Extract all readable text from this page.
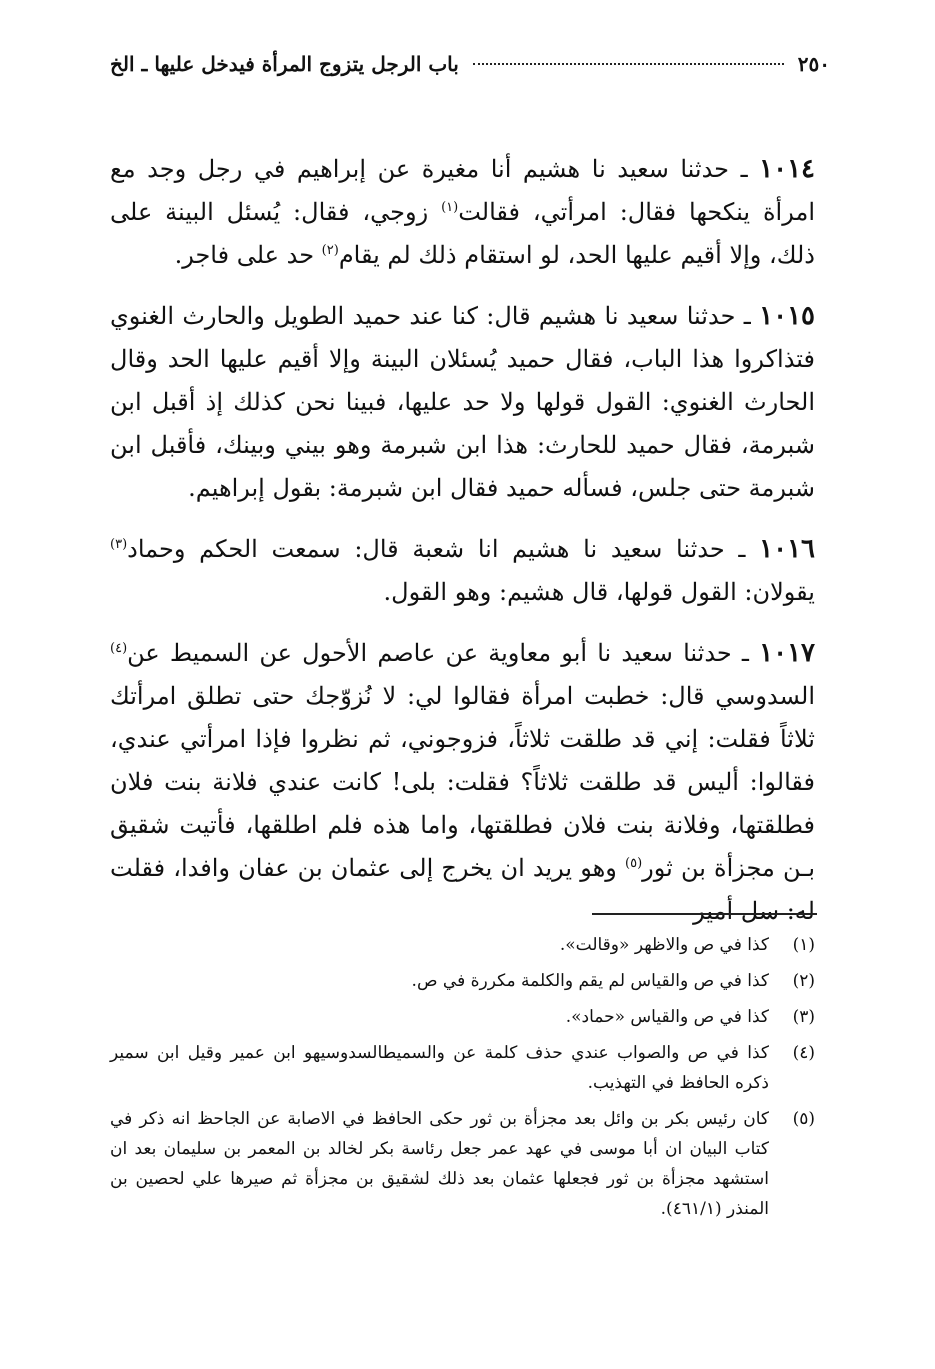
٢٥٠
باب الرجل يتزوج المرأة فيدخل عليها ـ الخ

١٠١٤ ـ حدثنا سعيد نا هشيم أنا مغيرة عن إبراهيم في رجل وجد مع امرأة ينكحها فقال: امرأتي، فقالت$^{(١)}$ زوجي، فقال: يُسئل البينة على ذلك، وإلا أقيم عليها الحد، لو استقام ذلك لم يقام$^{(٢)}$ حد على فاجر.

١٠١٥ ـ حدثنا سعيد نا هشيم قال: كنا عند حميد الطويل والحارث الغنوي فتذاكروا هذا الباب، فقال حميد يُسئلان البينة وإلا أقيم عليها الحد وقال الحارث الغنوي: القول قولها ولا حد عليها، فبينا نحن كذلك إذ أقبل ابن شبرمة، فقال حميد للحارث: هذا ابن شبرمة وهو بيني وبينك، فأقبل ابن شبرمة حتى جلس، فسأله حميد فقال ابن شبرمة: بقول إبراهيم.

١٠١٦ ـ حدثنا سعيد نا هشيم انا شعبة قال: سمعت الحكم وحماد$^{(٣)}$ يقولان: القول قولها، قال هشيم: وهو القول.

١٠١٧ ـ حدثنا سعيد نا أبو معاوية عن عاصم الأحول عن السميط عن$^{(٤)}$ السدوسي قال: خطبت امرأة فقالوا لي: لا نُزوّجك حتى تطلق امرأتك ثلاثاً فقلت: إني قد طلقت ثلاثاً، فزوجوني، ثم نظروا فإذا امرأتي عندي، فقالوا: أليس قد طلقت ثلاثاً؟ فقلت: بلى! كانت عندي فلانة بنت فلان فطلقتها، وفلانة بنت فلان فطلقتها، واما هذه فلم اطلقها، فأتيت شقيق بـن مجزأة بن ثور$^{(٥)}$ وهو يريد ان يخرج إلى عثمان بن عفان وافدا، فقلت له: سل أمير

(١)
كذا في ص والاظهر «وقالت».
(٢)
كذا في ص والقياس لم يقم والكلمة مكررة في ص.
(٣)
كذا في ص والقياس «حماد».
(٤)
كذا في ص والصواب عندي حذف كلمة عن والسميطالسدوسيهو ابن عمير وقيل ابن سمير ذكره الحافظ في التهذيب.
(٥)
كان رئيس بكر بن وائل بعد مجزأة بن ثور حكى الحافظ في الاصابة عن الجاحظ انه ذكر في كتاب البيان ان أبا موسى في عهد عمر جعل رئاسة بكر لخالد بن المعمر بن سليمان بعد ان استشهد مجزأة بن ثور فجعلها عثمان بعد ذلك لشقيق بن مجزأة ثم صيرها علي لحصين بن المنذر (٤٦١/١).
